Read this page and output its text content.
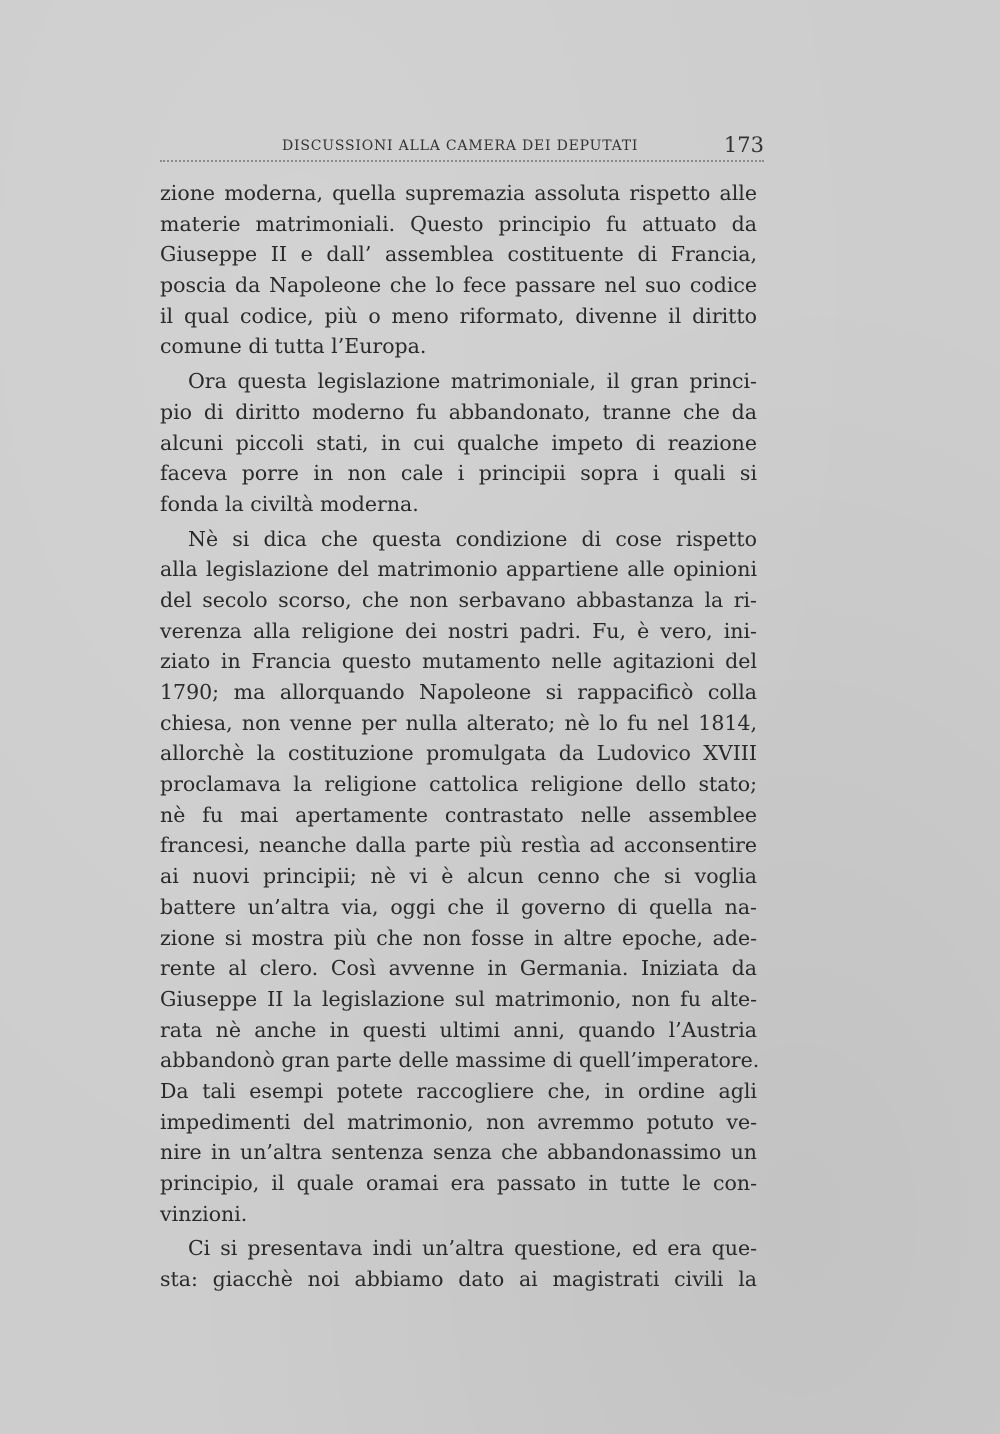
DISCUSSIONI ALLA CAMERA DEI DEPUTATI	173
zione moderna, quella supremazia assoluta rispetto alle
materie matrimoniali. Questo principio fu attuato da
Giuseppe II e dall’ assemblea costituente di Francia,
poscia da Napoleone che lo fece passare nel suo codice
il qual codice, più o meno riformato, divenne il diritto
comune di tutta l’Europa.
Ora questa legislazione matrimoniale, il gran princi-
pio di diritto moderno fu abbandonato, tranne che da
alcuni piccoli stati, in cui qualche impeto di reazione
faceva porre in non cale i principii sopra i quali si
fonda la civiltà moderna.
Nè si dica che questa condizione di cose rispetto
alla legislazione del matrimonio appartiene alle opinioni
del secolo scorso, che non serbavano abbastanza la ri-
verenza alla religione dei nostri padri. Fu, è vero, ini-
ziato in Francia questo mutamento nelle agitazioni del
1790; ma allorquando Napoleone si rappacificò colla
chiesa, non venne per nulla alterato; nè lo fu nel 1814,
allorchè la costituzione promulgata da Ludovico XVIII
proclamava la religione cattolica religione dello stato;
nè fu mai apertamente contrastato nelle assemblee
francesi, neanche dalla parte più restìa ad acconsentire
ai nuovi principii; nè vi è alcun cenno che si voglia
battere un’altra via, oggi che il governo di quella na-
zione si mostra più che non fosse in altre epoche, ade-
rente al clero. Così avvenne in Germania. Iniziata da
Giuseppe II la legislazione sul matrimonio, non fu alte-
rata nè anche in questi ultimi anni, quando l’Austria
abbandonò gran parte delle massime di quell’imperatore.
Da tali esempi potete raccogliere che, in ordine agli
impedimenti del matrimonio, non avremmo potuto ve-
nire in un’altra sentenza senza che abbandonassimo un
principio, il quale oramai era passato in tutte le con-
vinzioni.
Ci si presentava indi un’altra questione, ed era que-
sta: giacchè noi abbiamo dato ai magistrati civili la
